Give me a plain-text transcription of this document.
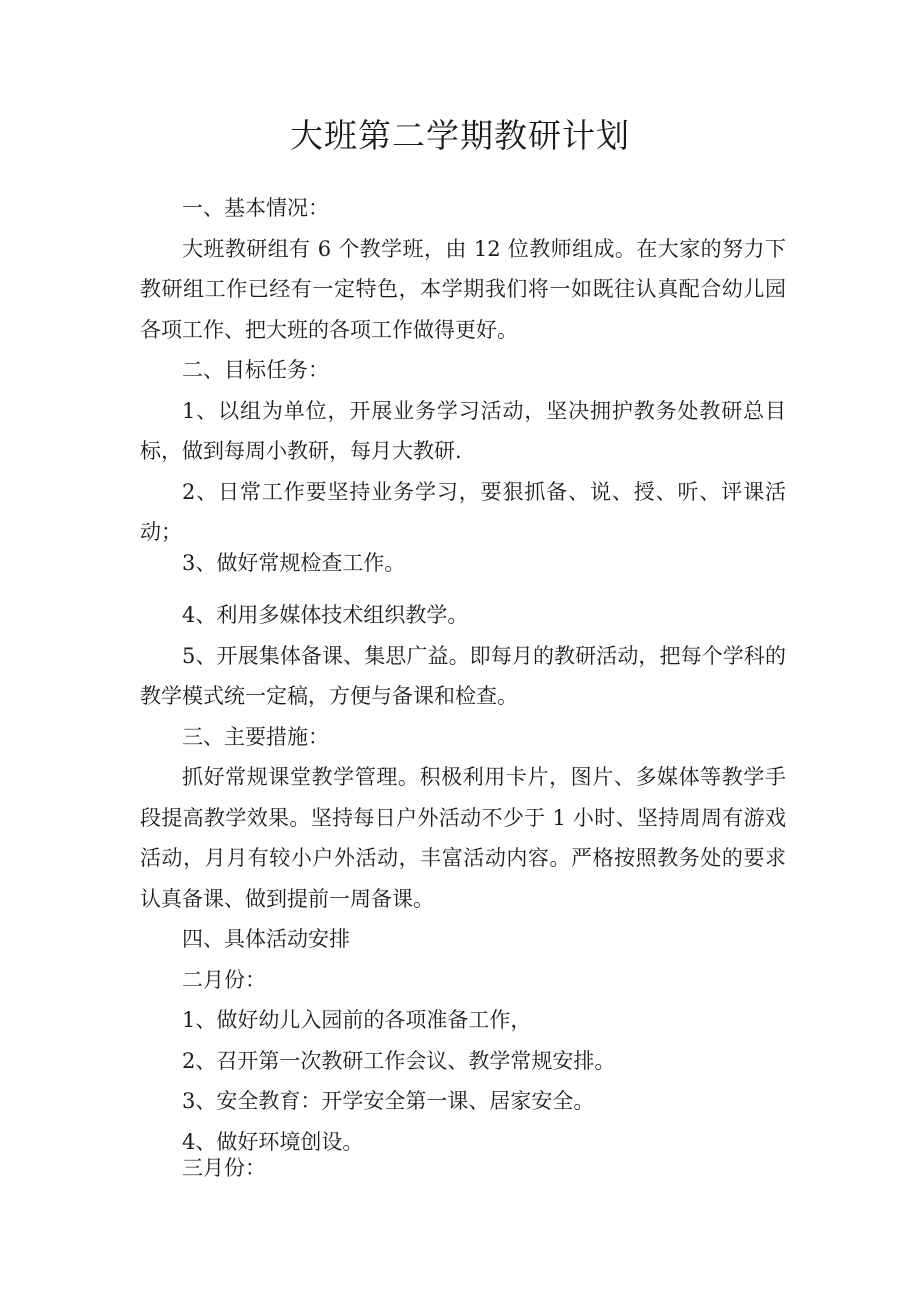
大班第二学期教研计划

一、基本情况：

大班教研组有 6 个教学班，由 12 位教师组成。在大家的努力下教研组工作已经有一定特色，本学期我们将一如既往认真配合幼儿园各项工作、把大班的各项工作做得更好。

二、目标任务：

1、以组为单位，开展业务学习活动，坚决拥护教务处教研总目标，做到每周小教研，每月大教研.

2、日常工作要坚持业务学习，要狠抓备、说、授、听、评课活动；

3、做好常规检查工作。

4、利用多媒体技术组织教学。

5、开展集体备课、集思广益。即每月的教研活动，把每个学科的教学模式统一定稿，方便与备课和检查。

三、主要措施：

抓好常规课堂教学管理。积极利用卡片，图片、多媒体等教学手段提高教学效果。坚持每日户外活动不少于 1 小时、坚持周周有游戏活动，月月有较小户外活动，丰富活动内容。严格按照教务处的要求认真备课、做到提前一周备课。

四、具体活动安排

二月份：

1、做好幼儿入园前的各项准备工作，

2、召开第一次教研工作会议、教学常规安排。

3、安全教育：开学安全第一课、居家安全。

4、做好环境创设。

三月份：
